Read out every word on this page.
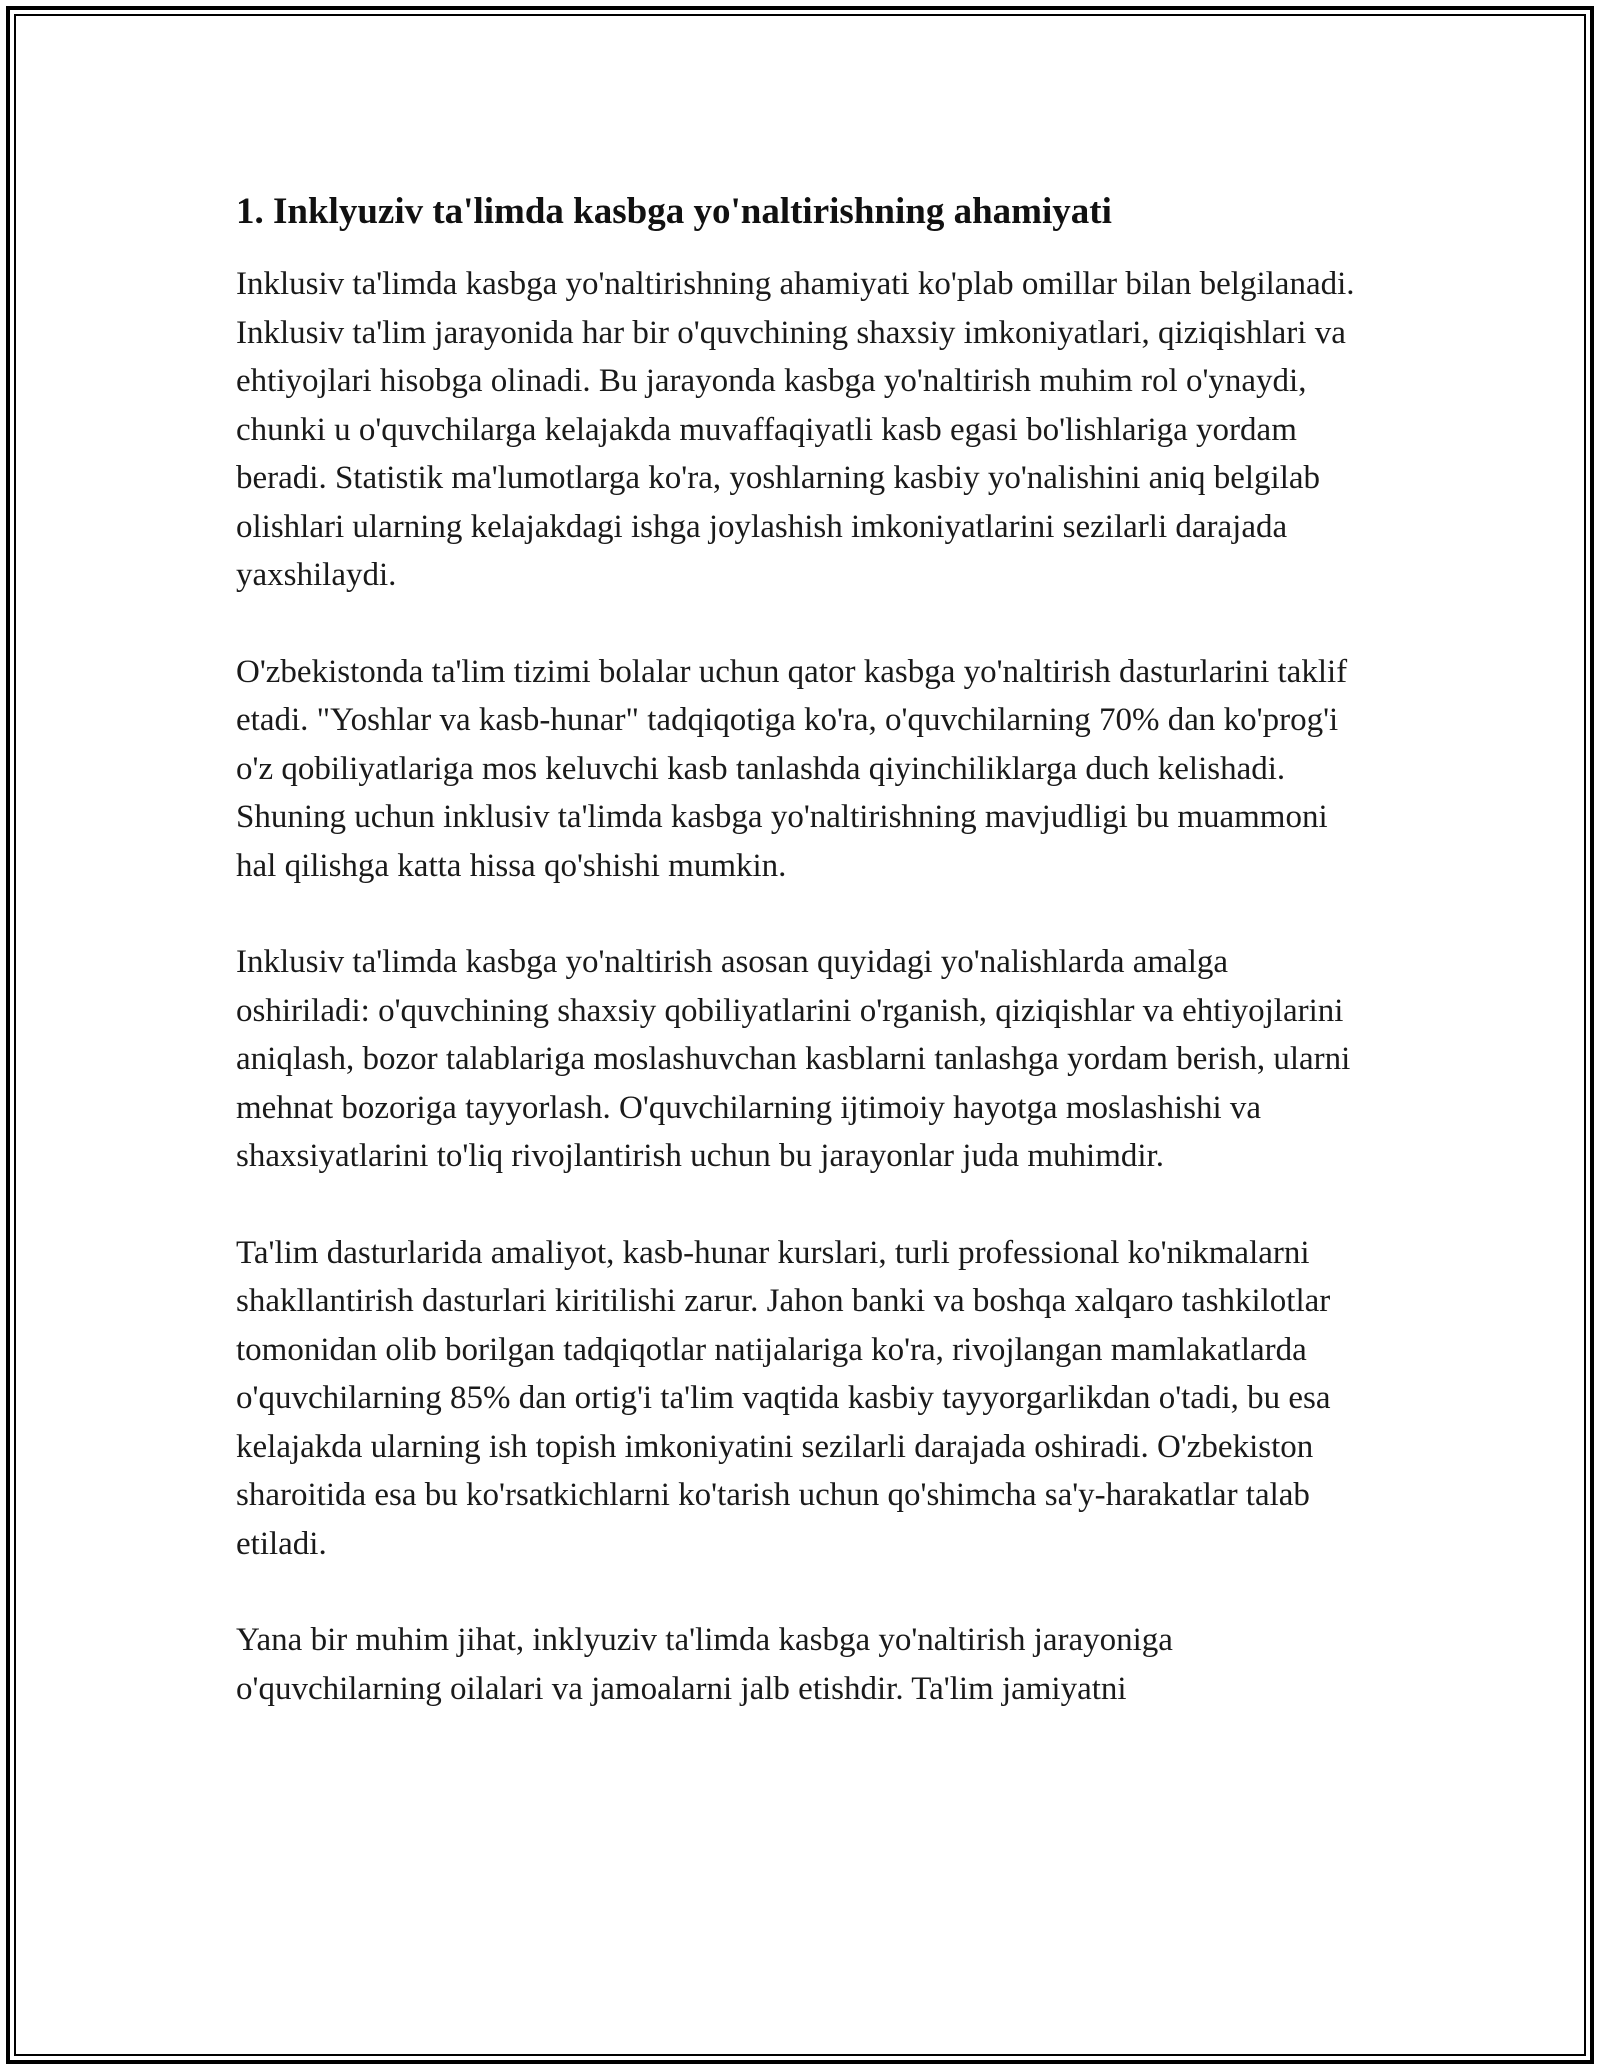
1. Inklyuziv ta'limda kasbga yo'naltirishning ahamiyati

Inklusiv ta'limda kasbga yo'naltirishning ahamiyati ko'plab omillar bilan belgilanadi. Inklusiv ta'lim jarayonida har bir o'quvchining shaxsiy imkoniyatlari, qiziqishlari va ehtiyojlari hisobga olinadi. Bu jarayonda kasbga yo'naltirish muhim rol o'ynaydi, chunki u o'quvchilarga kelajakda muvaffaqiyatli kasb egasi bo'lishlariga yordam beradi. Statistik ma'lumotlarga ko'ra, yoshlarning kasbiy yo'nalishini aniq belgilab olishlari ularning kelajakdagi ishga joylashish imkoniyatlarini sezilarli darajada yaxshilaydi.

O'zbekistonda ta'lim tizimi bolalar uchun qator kasbga yo'naltirish dasturlarini taklif etadi. "Yoshlar va kasb-hunar" tadqiqotiga ko'ra, o'quvchilarning 70% dan ko'prog'i o'z qobiliyatlariga mos keluvchi kasb tanlashda qiyinchiliklarga duch kelishadi. Shuning uchun inklusiv ta'limda kasbga yo'naltirishning mavjudligi bu muammoni hal qilishga katta hissa qo'shishi mumkin.

Inklusiv ta'limda kasbga yo'naltirish asosan quyidagi yo'nalishlarda amalga oshiriladi: o'quvchining shaxsiy qobiliyatlarini o'rganish, qiziqishlar va ehtiyojlarini aniqlash, bozor talablariga moslashuvchan kasblarni tanlashga yordam berish, ularni mehnat bozoriga tayyorlash. O'quvchilarning ijtimoiy hayotga moslashishi va shaxsiyatlarini to'liq rivojlantirish uchun bu jarayonlar juda muhimdir.

Ta'lim dasturlarida amaliyot, kasb-hunar kurslari, turli professional ko'nikmalarni shakllantirish dasturlari kiritilishi zarur. Jahon banki va boshqa xalqaro tashkilotlar tomonidan olib borilgan tadqiqotlar natijalariga ko'ra, rivojlangan mamlakatlarda o'quvchilarning 85% dan ortig'i ta'lim vaqtida kasbiy tayyorgarlikdan o'tadi, bu esa kelajakda ularning ish topish imkoniyatini sezilarli darajada oshiradi. O'zbekiston sharoitida esa bu ko'rsatkichlarni ko'tarish uchun qo'shimcha sa'y-harakatlar talab etiladi.

Yana bir muhim jihat, inklyuziv ta'limda kasbga yo'naltirish jarayoniga o'quvchilarning oilalari va jamoalarni jalb etishdir. Ta'lim jamiyatni
